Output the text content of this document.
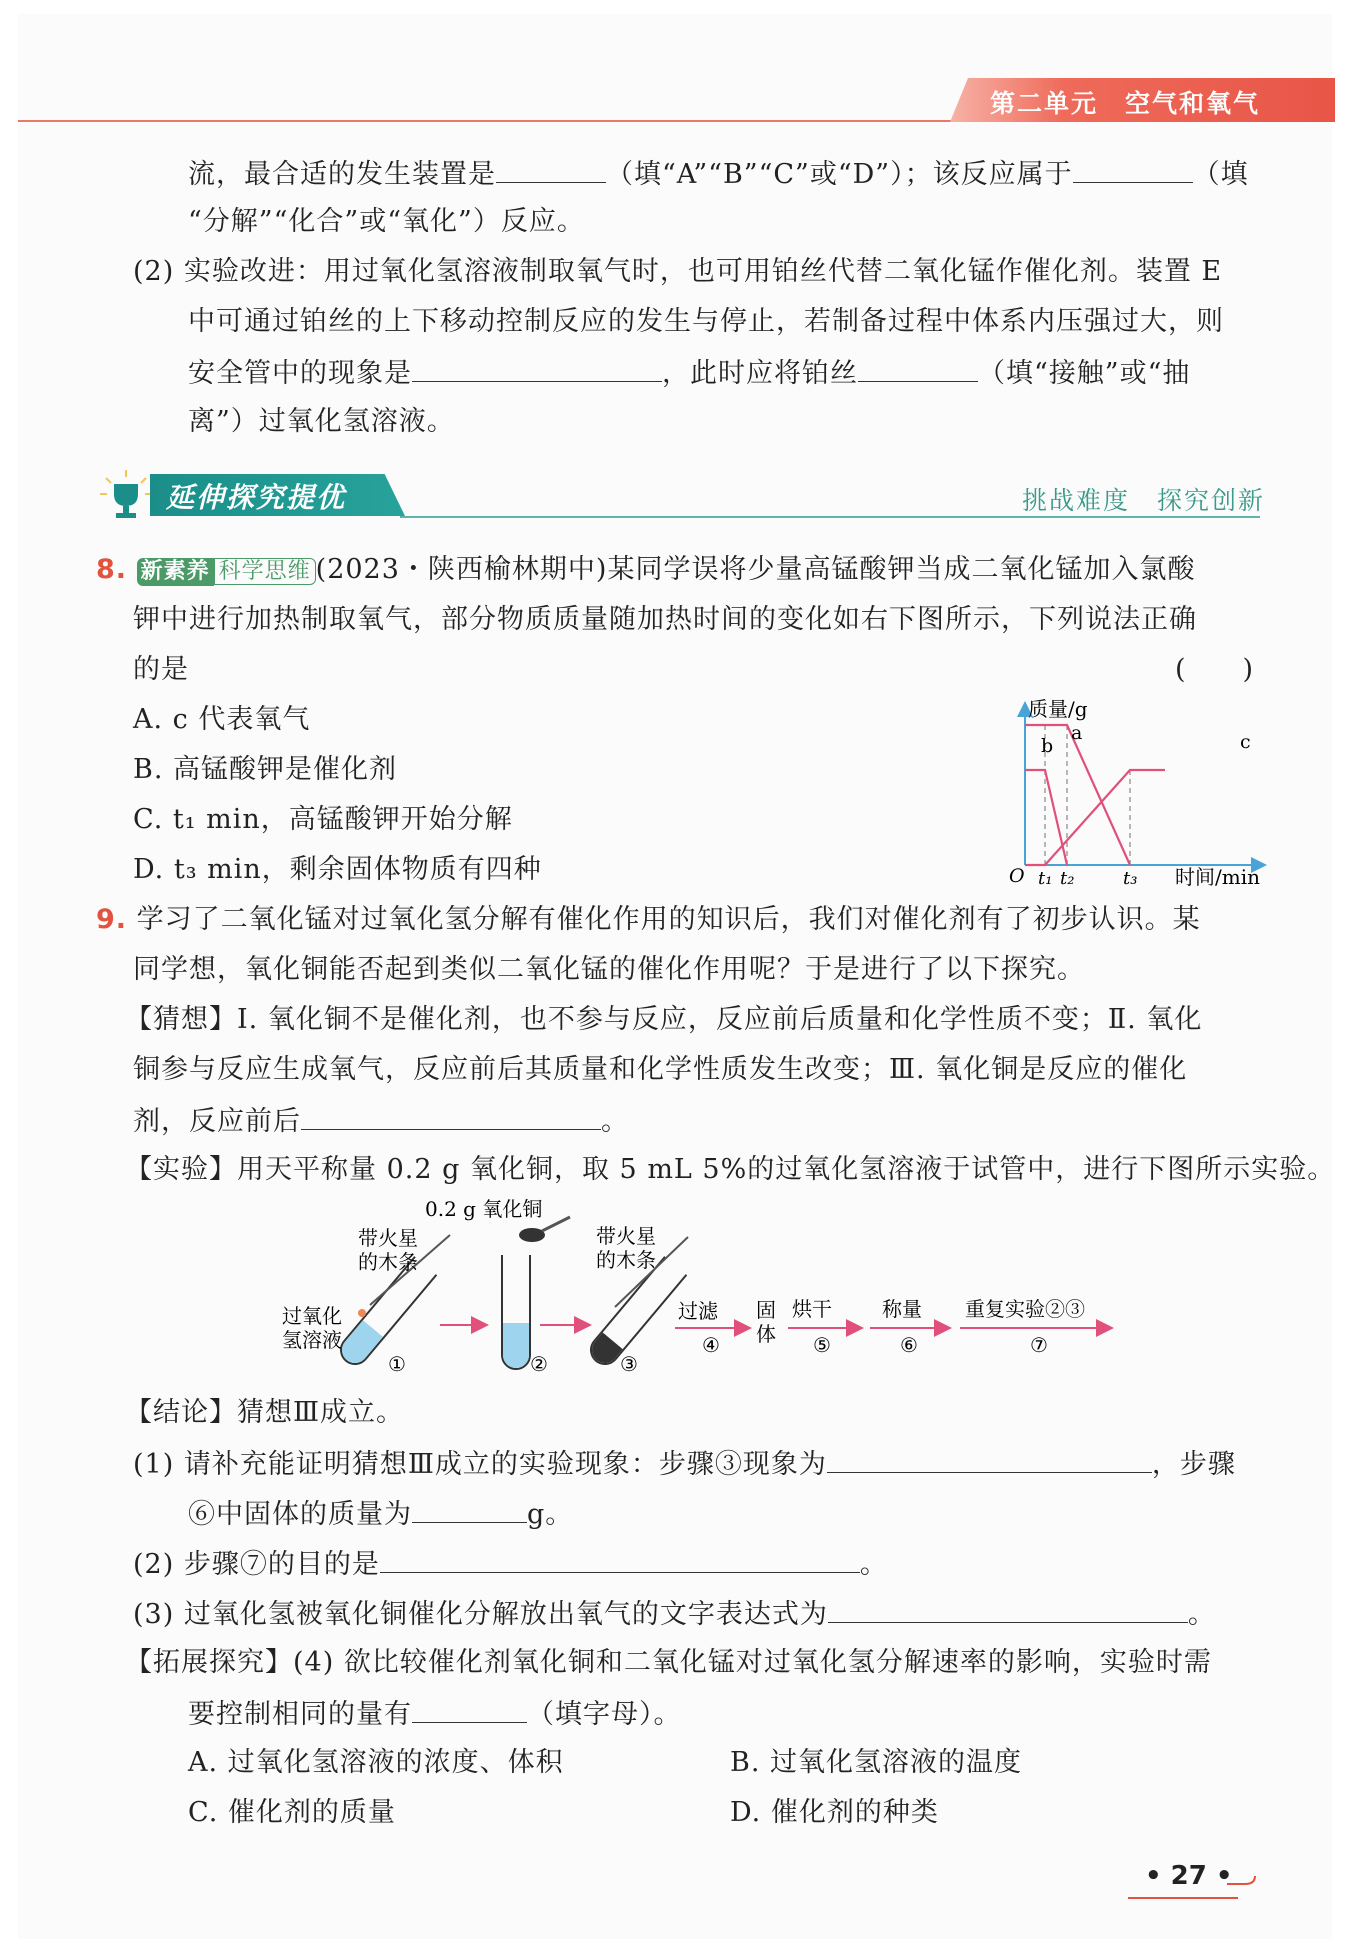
第二单元　空气和氧气
流，最合适的发生装置是	（填“A”“B”“C”或“D”）；该反应属于	（填
“分解”“化合”或“氧化”）反应。
(2) 实验改进：用过氧化氢溶液制取氧气时，也可用铂丝代替二氧化锰作催化剂。装置 E
中可通过铂丝的上下移动控制反应的发生与停止，若制备过程中体系内压强过大，则
安全管中的现象是	，此时应将铂丝	（填“接触”或“抽
离”）过氧化氢溶液。
延伸探究提优	挑战难度　探究创新
8. 新素养 科学思维 (2023・陕西榆林期中)某同学误将少量高锰酸钾当成二氧化锰加入氯酸
钾中进行加热制取氧气，部分物质质量随加热时间的变化如右下图所示，下列说法正确
的是	(　　)
A. c 代表氧气
B. 高锰酸钾是催化剂
C. t₁ min，高锰酸钾开始分解
D. t₃ min，剩余固体物质有四种
质量/g
O
a
b	c
t₁ t₂	t₃ 时间/min
9. 学习了二氧化锰对过氧化氢分解有催化作用的知识后，我们对催化剂有了初步认识。某
同学想，氧化铜能否起到类似二氧化锰的催化作用呢？于是进行了以下探究。
【猜想】Ⅰ. 氧化铜不是催化剂，也不参与反应，反应前后质量和化学性质不变；Ⅱ. 氧化
铜参与反应生成氧气，反应前后其质量和化学性质发生改变；Ⅲ. 氧化铜是反应的催化
剂，反应前后	。
【实验】用天平称量 0.2 g 氧化铜，取 5 mL 5%的过氧化氢溶液于试管中，进行下图所示实验。
0.2 g 氧化铜
带火星
的木条
过氧化
氢溶液
带火星
的木条
①	②	③
过滤
④
固
体
烘干
⑤
称量
⑥
重复实验②③
⑦
【结论】猜想Ⅲ成立。
(1) 请补充能证明猜想Ⅲ成立的实验现象：步骤③现象为	，步骤
⑥中固体的质量为	g。
(2) 步骤⑦的目的是	。
(3) 过氧化氢被氧化铜催化分解放出氧气的文字表达式为	。
【拓展探究】(4) 欲比较催化剂氧化铜和二氧化锰对过氧化氢分解速率的影响，实验时需
要控制相同的量有	（填字母）。
A. 过氧化氢溶液的浓度、体积	B. 过氧化氢溶液的温度
C. 催化剂的质量	D. 催化剂的种类
• 27 •
